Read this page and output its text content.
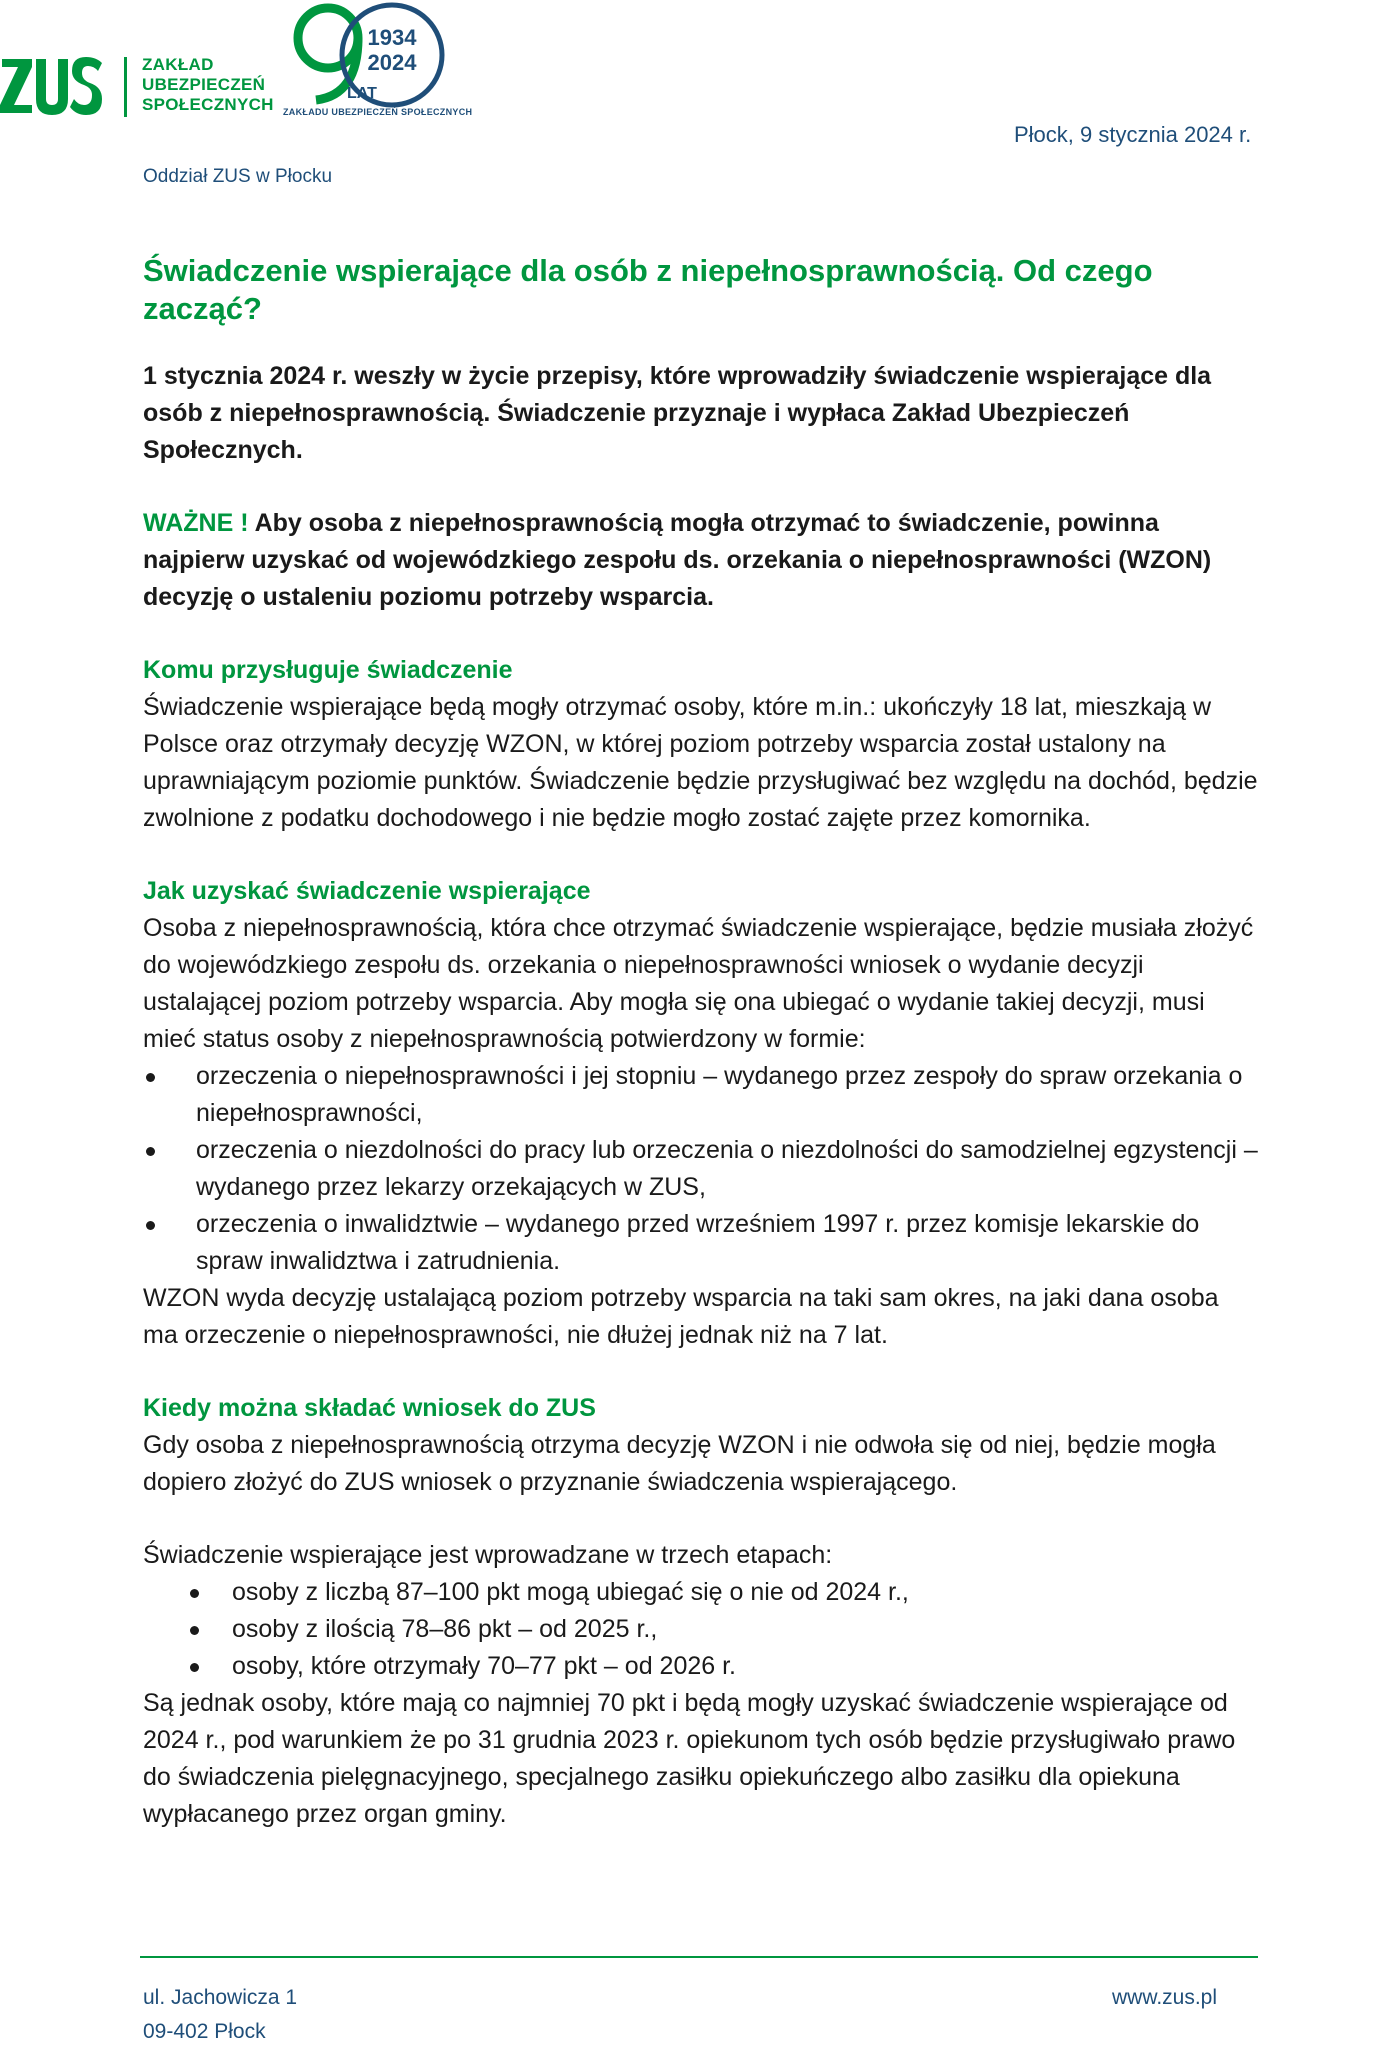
ZAKŁAD
UBEZPIECZEŃ
SPOŁECZNYCH
1934
2024
LAT
ZAKŁADU UBEZPIECZEŃ SPOŁECZNYCH
Płock, 9 stycznia 2024 r.
Oddział ZUS w Płocku
Świadczenie wspierające dla osób z niepełnosprawnością. Od czego zacząć?

1 stycznia 2024 r. weszły w życie przepisy, które wprowadziły świadczenie wspierające dla osób z niepełnosprawnością. Świadczenie przyznaje i wypłaca Zakład Ubezpieczeń Społecznych.

WAŻNE ! Aby osoba z niepełnosprawnością mogła otrzymać to świadczenie, powinna najpierw uzyskać od wojewódzkiego zespołu ds. orzekania o niepełnosprawności (WZON) decyzję o ustaleniu poziomu potrzeby wsparcia.

Komu przysługuje świadczenie

Świadczenie wspierające będą mogły otrzymać osoby, które m.in.: ukończyły 18 lat, mieszkają w Polsce oraz otrzymały decyzję WZON, w której poziom potrzeby wsparcia został ustalony na uprawniającym poziomie punktów. Świadczenie będzie przysługiwać bez względu na dochód, będzie zwolnione z podatku dochodowego i nie będzie mogło zostać zajęte przez komornika.

Jak uzyskać świadczenie wspierające

Osoba z niepełnosprawnością, która chce otrzymać świadczenie wspierające, będzie musiała złożyć do wojewódzkiego zespołu ds. orzekania o niepełnosprawności wniosek o wydanie decyzji ustalającej poziom potrzeby wsparcia. Aby mogła się ona ubiegać o wydanie takiej decyzji, musi mieć status osoby z niepełnosprawnością potwierdzony w formie:

orzeczenia o niepełnosprawności i jej stopniu – wydanego przez zespoły do spraw orzekania o niepełnosprawności,
orzeczenia o niezdolności do pracy lub orzeczenia o niezdolności do samodzielnej egzystencji – wydanego przez lekarzy orzekających w ZUS,
orzeczenia o inwalidztwie – wydanego przed wrześniem 1997 r. przez komisje lekarskie do spraw inwalidztwa i zatrudnienia.

WZON wyda decyzję ustalającą poziom potrzeby wsparcia na taki sam okres, na jaki dana osoba ma orzeczenie o niepełnosprawności, nie dłużej jednak niż na 7 lat.

Kiedy można składać wniosek do ZUS

Gdy osoba z niepełnosprawnością otrzyma decyzję WZON i nie odwoła się od niej, będzie mogła dopiero złożyć do ZUS wniosek o przyznanie świadczenia wspierającego.

Świadczenie wspierające jest wprowadzane w trzech etapach:

osoby z liczbą 87–100 pkt mogą ubiegać się o nie od 2024 r.,
osoby z ilością 78–86 pkt – od 2025 r.,
osoby, które otrzymały 70–77 pkt – od 2026 r.

Są jednak osoby, które mają co najmniej 70 pkt i będą mogły uzyskać świadczenie wspierające od 2024 r., pod warunkiem że po 31 grudnia 2023 r. opiekunom tych osób będzie przysługiwało prawo do świadczenia pielęgnacyjnego, specjalnego zasiłku opiekuńczego albo zasiłku dla opiekuna wypłacanego przez organ gminy.

ul. Jachowicza 1
09-402 Płock
www.zus.pl
